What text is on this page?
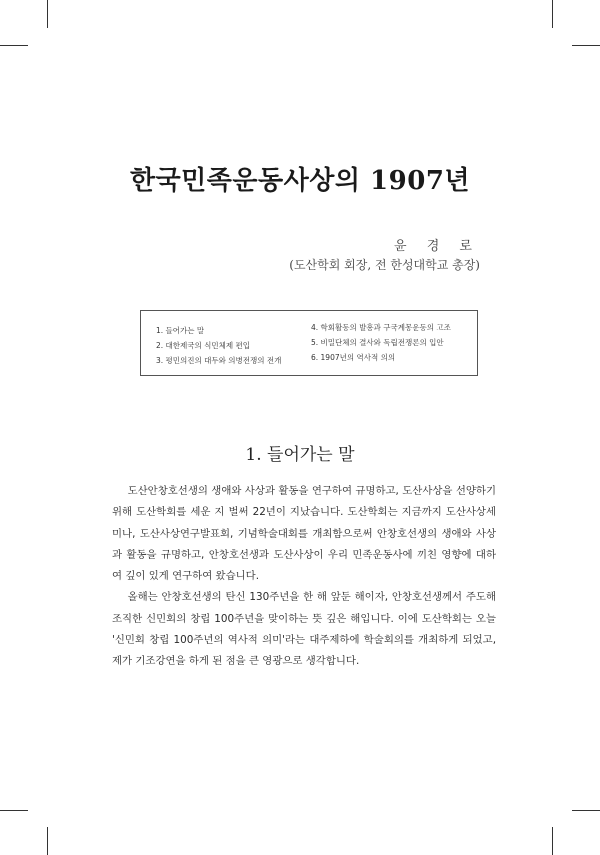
한국민족운동사상의 1907년
윤 경 로
(도산학회 회장, 전 한성대학교 총장)
1. 들어가는 말
2. 대한제국의 식민체제 편입
3. 평민의진의 대두와 의병전쟁의 전개
4. 학회활동의 발흥과 구국계몽운동의 고조
5. 비밀단체의 결사와 독립전쟁론의 입안
6. 1907년의 역사적 의의
1. 들어가는 말

도산안창호선생의 생애와 사상과 활동을 연구하여 규명하고, 도산사상을 선양하기 위해 도산학회를 세운 지 벌써 22년이 지났습니다. 도산학회는 지금까지 도산사상세미나, 도산사상연구발표회, 기념학술대회를 개최함으로써 안창호선생의 생애와 사상과 활동을 규명하고, 안창호선생과 도산사상이 우리 민족운동사에 끼친 영향에 대하여 깊이 있게 연구하여 왔습니다.

올해는 안창호선생의 탄신 130주년을 한 해 앞둔 해이자, 안창호선생께서 주도해 조직한 신민회의 창립 100주년을 맞이하는 뜻 깊은 해입니다. 이에 도산학회는 오늘 '신민회 창립 100주년의 역사적 의미'라는 대주제하에 학술회의를 개최하게 되었고, 제가 기조강연을 하게 된 점을 큰 영광으로 생각합니다.
